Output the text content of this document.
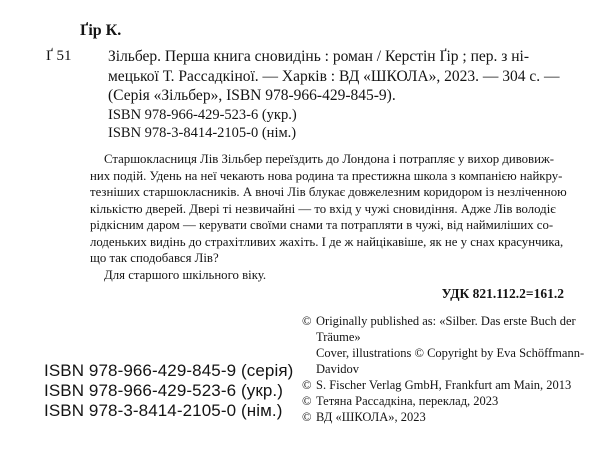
Ґір К.
Ґ 51 Зільбер. Перша книга сновидінь : роман / Керстін Ґір ; пер. з ні-
мецької Т. Рассадкіної. — Харків : ВД «ШКОЛА», 2023. — 304 с. —
(Серія «Зільбер», ISBN 978-966-429-845-9).
ISBN 978-966-429-523-6 (укр.)
ISBN 978-3-8414-2105-0 (нім.)
Старшокласниця Лів Зільбер переїздить до Лондона і потрапляє у вихор дивовиж-
них подій. Удень на неї чекають нова родина та престижна школа з компанією найкру-
тезніших старшокласників. А вночі Лів блукає довжелезним коридором із незліченною
кількістю дверей. Двері ті незвичайні — то вхід у чужі сновидіння. Адже Лів володіє
рідкісним даром — керувати своїми снами та потрапляти в чужі, від наймиліших со-
лоденьких видінь до страхітливих жахіть. І де ж найцікавіше, як не у снах красунчика,
що так сподобався Лів?
Для старшого шкільного віку.
УДК 821.112.2=161.2
© Originally published as: «Silber. Das erste Buch der
Träume»
Cover, illustrations © Copyright by Eva Schöffmann-
Davidov
© S. Fischer Verlag GmbH, Frankfurt am Main, 2013
© Тетяна Рассадкіна, переклад, 2023
© ВД «ШКОЛА», 2023
ISBN 978-966-429-845-9 (серія)
ISBN 978-966-429-523-6 (укр.)
ISBN 978-3-8414-2105-0 (нім.)
